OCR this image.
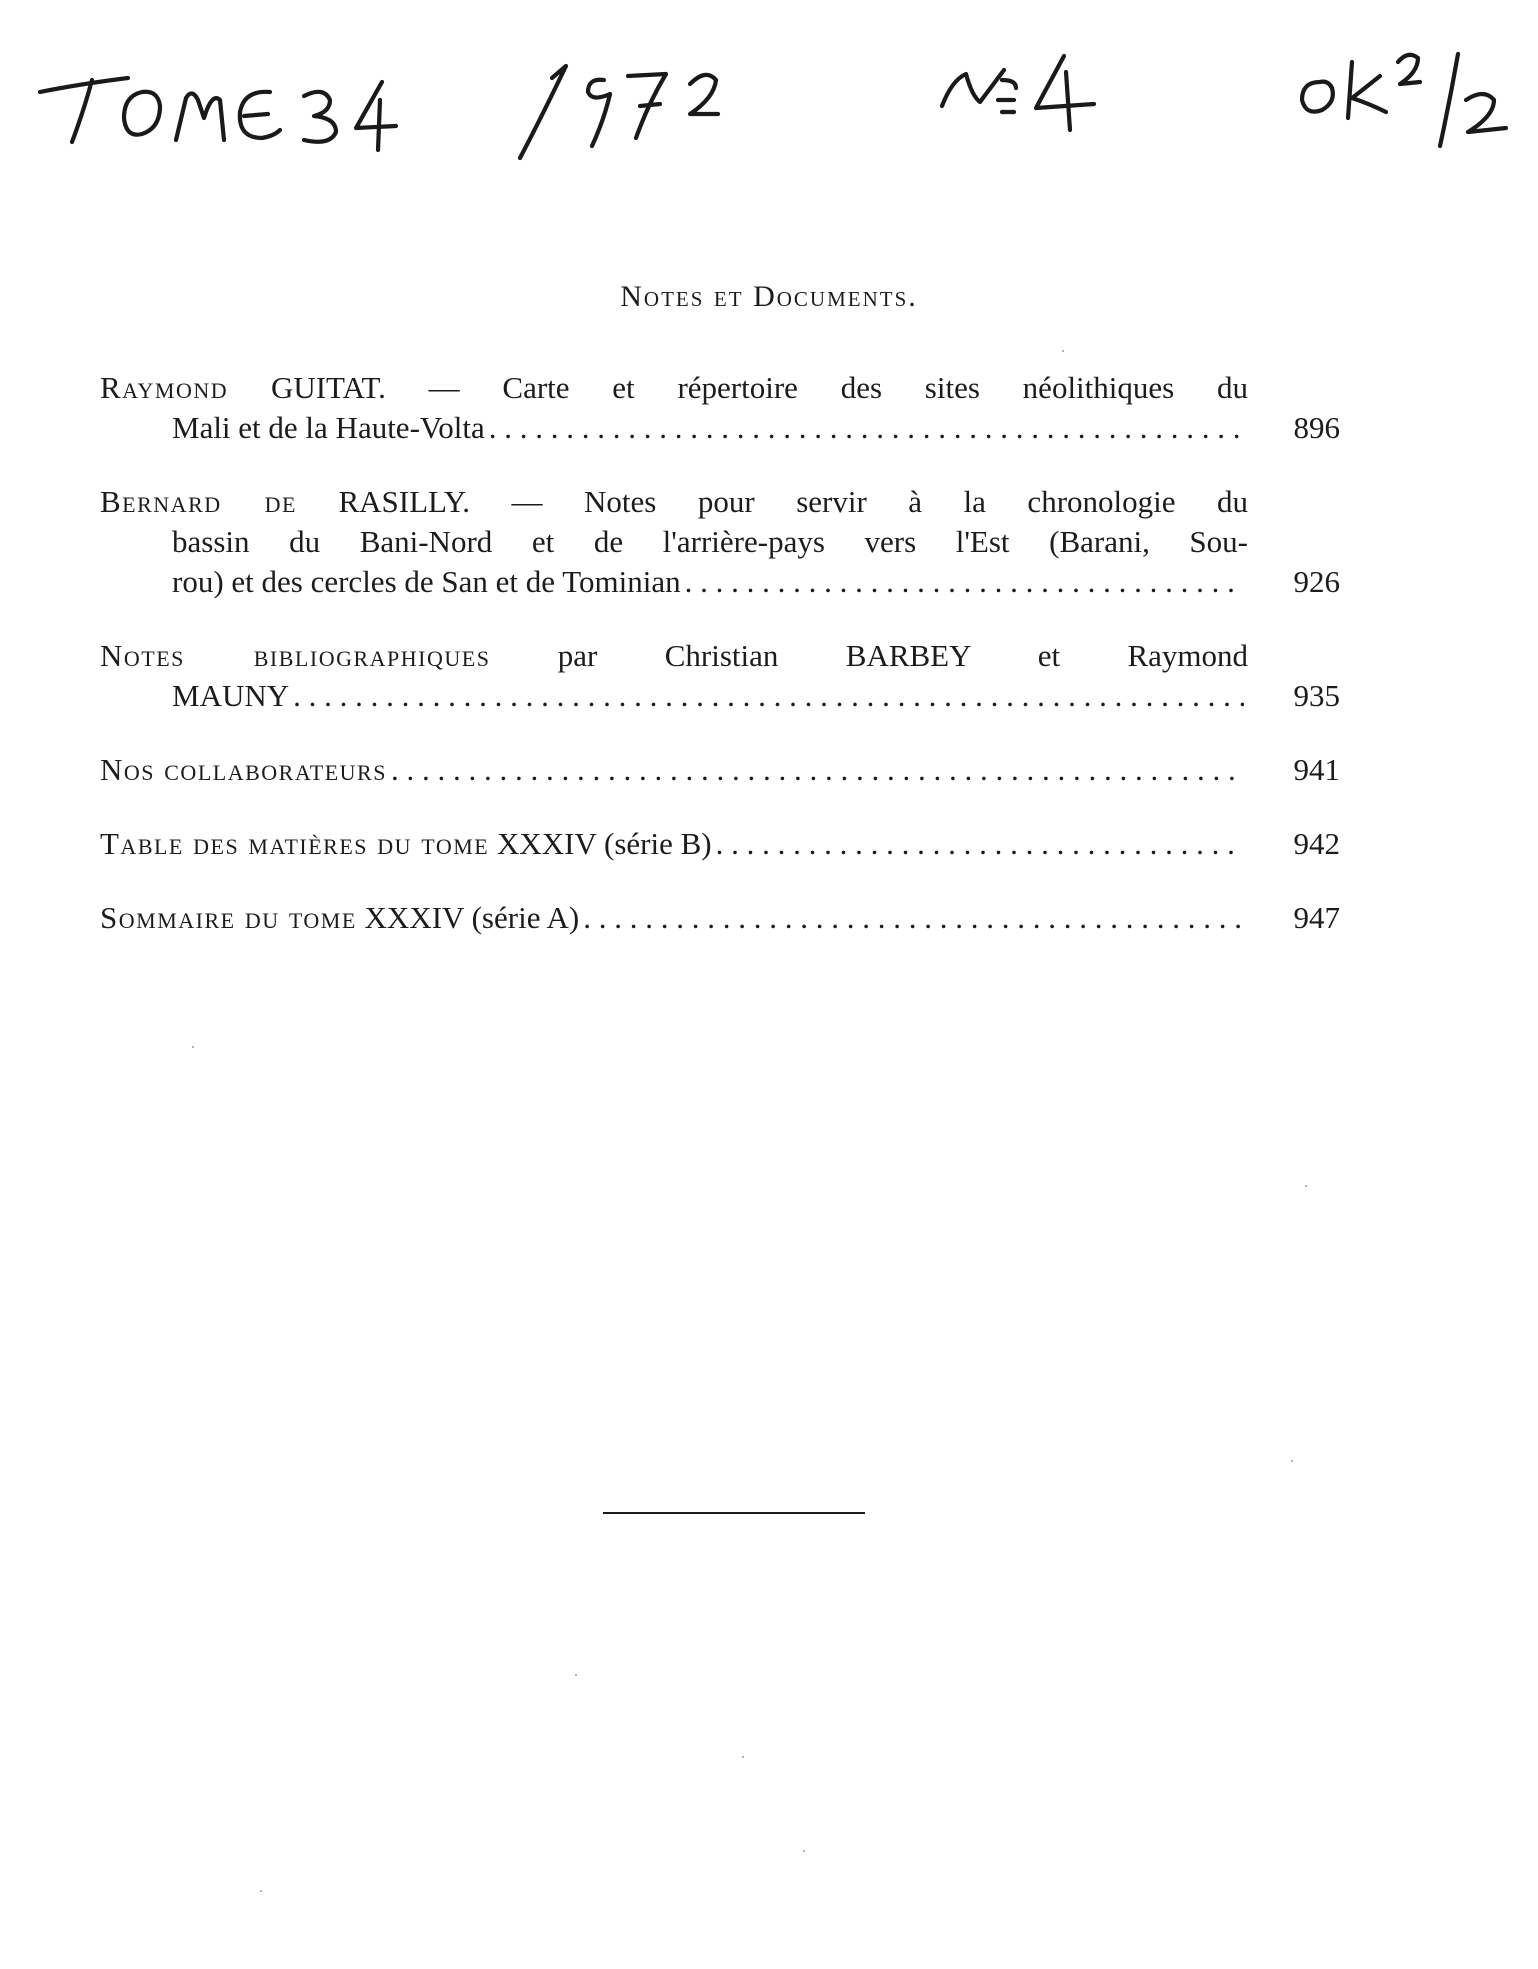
Notes et Documents.
Raymond GUITAT. — Carte et répertoire des sites néolithiques du
Mali et de la Haute-Volta . . .	896
Bernard de RASILLY. — Notes pour servir à la chronologie du
bassin du Bani-Nord et de l'arrière-pays vers l'Est (Barani, Sou-
rou) et des cercles de San et de Tominian . . .	926
Notes bibliographiques par Christian BARBEY et Raymond
MAUNY . . .	935
Nos collaborateurs . . .	941
Table des matières du tome XXXIV (série B) . . .	942
Sommaire du tome XXXIV (série A) . . .	947
